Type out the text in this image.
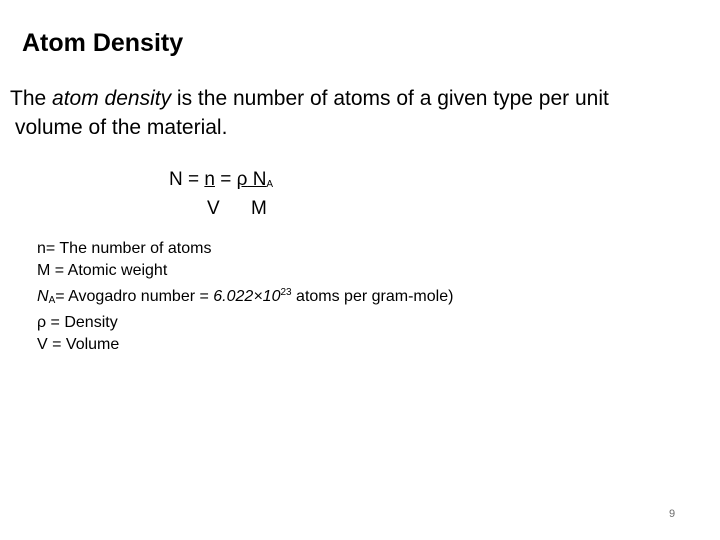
Atom Density
The atom density is the number of atoms of a given type per unit
volume of the material.
N = n = ρ $N_A$
V M
n= The number of atoms
M = Atomic weight
$N_A=$ Avogadro number = $6.022\times 10^{23}$ atoms per gram-mole)
ρ = Density
V = Volume
9
